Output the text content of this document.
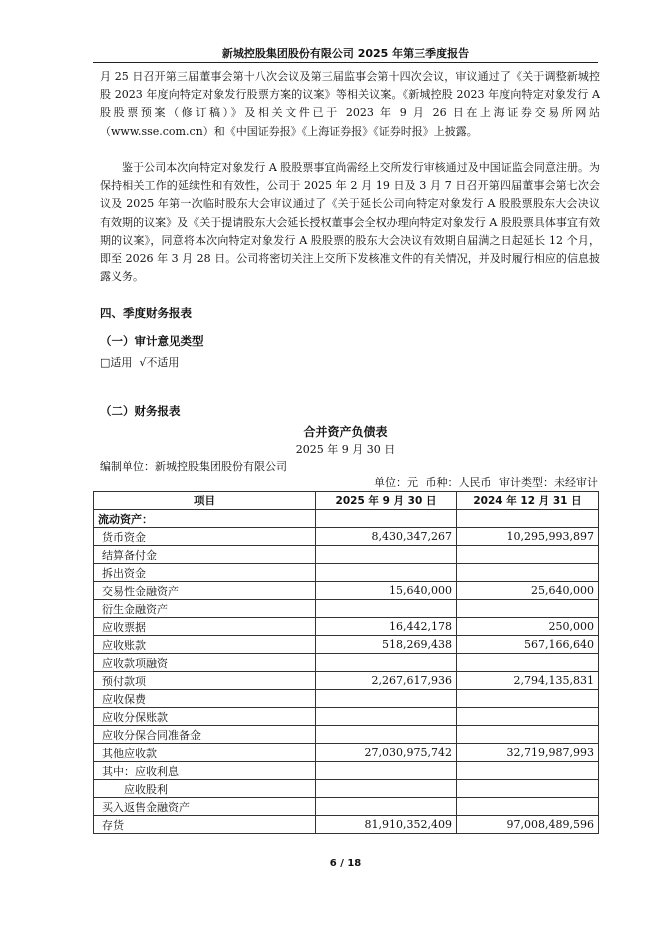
新城控股集团股份有限公司 2025 年第三季度报告

月 25 日召开第三届董事会第十八次会议及第三届监事会第十四次会议，审议通过了《关于调整新城控股 2023 年度向特定对象发行股票方案的议案》等相关议案。《新城控股 2023 年度向特定对象发行 A 股股票预案（修订稿）》及相关文件已于 2023 年 9 月 26 日在上海证券交易所网站（www.sse.com.cn）和《中国证券报》《上海证券报》《证券时报》上披露。

鉴于公司本次向特定对象发行 A 股股票事宜尚需经上交所发行审核通过及中国证监会同意注册。为保持相关工作的延续性和有效性，公司于 2025 年 2 月 19 日及 3 月 7 日召开第四届董事会第七次会议及 2025 年第一次临时股东大会审议通过了《关于延长公司向特定对象发行 A 股股票股东大会决议有效期的议案》及《关于提请股东大会延长授权董事会全权办理向特定对象发行 A 股股票具体事宜有效期的议案》，同意将本次向特定对象发行 A 股股票的股东大会决议有效期自届满之日起延长 12 个月，即至 2026 年 3 月 28 日。公司将密切关注上交所下发核准文件的有关情况，并及时履行相应的信息披露义务。

四、季度财务报表
（一）审计意见类型
□适用 √不适用
（二）财务报表
合并资产负债表
2025 年 9 月 30 日
编制单位：新城控股集团股份有限公司
单位：元 币种：人民币 审计类型：未经审计
项目	2025 年 9 月 30 日	2024 年 12 月 31 日
流动资产：		
货币资金	8,430,347,267	10,295,993,897
结算备付金		
拆出资金		
交易性金融资产	15,640,000	25,640,000
衍生金融资产		
应收票据	16,442,178	250,000
应收账款	518,269,438	567,166,640
应收款项融资		
预付款项	2,267,617,936	2,794,135,831
应收保费		
应收分保账款		
应收分保合同准备金		
其他应收款	27,030,975,742	32,719,987,993
其中：应收利息		
应收股利		
买入返售金融资产		
存货	81,910,352,409	97,008,489,596
6 / 18
